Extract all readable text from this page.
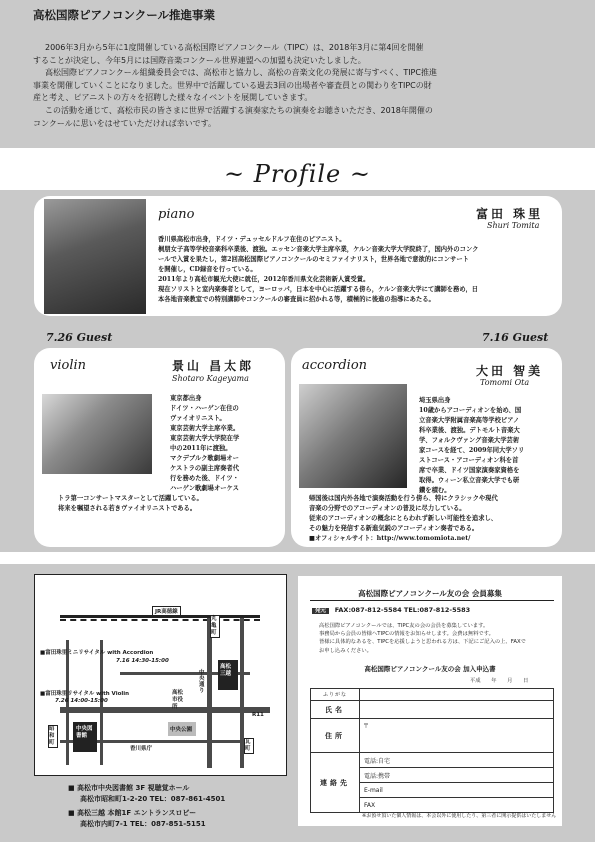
高松国際ピアノコンクール推進事業

2006年3月から5年に1度開催している高松国際ピアノコンクール（TIPC）は、2018年3月に第4回を開催

することが決定し、今年5月には国際音楽コンクール世界連盟への加盟も決定いたしました。

高松国際ピアノコンクール組織委員会では、高松市と協力し、高松の音楽文化の発展に寄与すべく、TIPC推進

事業を開催していくことになりました。世界中で活躍している過去3回の出場者や審査員との関わりをTIPCの財

産と考え、ピアニストの方々を招聘した様々なイベントを展開していきます。

この活動を通じて、高松市民の皆さまに世界で活躍する演奏家たちの演奏をお聴きいただき、2018年開催の

コンクールに思いをはせていただければ幸いです。

~ Profile ~
piano	富田 珠里
Shuri Tomita
香川県高松市出身，ドイツ・デュッセルドルフ在住のピアニスト。
桐朋女子高等学校音楽科卒業後、渡独。エッセン音楽大学主席卒業，ケルン音楽大学大学院終了，国内外のコンク
ールで入賞を果たし，第2回高松国際ピアノコンクールのセミファイナリスト，世界各地で意欲的にコンサート
を開催し，CD録音を行っている。
2011年より高松市観光大使に就任，2012年香川県文化芸術新人賞受賞。
現在ソリストと室内楽奏者として，ヨーロッパ，日本を中心に活躍する傍ら，ケルン音楽大学にて講師を務め，日
本各地音楽教室での特別講師やコンクールの審査員に招かれる等，積極的に後進の指導にあたる。
7.26 Guest	7.16 Guest
violin	景山 昌太郎
Shotaro Kageyama
東京都出身
ドイツ・ハーゲン在住の
ヴァイオリニスト。
東京芸術大学主席卒業。
東京芸術大学大学院在学
中の2011年に渡独。
マクデブルク歌劇場オー
ケストラの副主席奏者代
行を務めた後、ドイツ・
ハーゲン歌劇場オーケス
トラ第一コンサートマスターとして活躍している。
将来を嘱望される若きヴァイオリニストである。
accordion	大田 智美
Tomomi Ota
埼玉県出身
10歳からアコーディオンを始め、国
立音楽大学附属音楽高等学校ピアノ
科卒業後、渡独。デトモルト音楽大
学、フォルクヴァング音楽大学芸術
家コースを経て、2009年同大学ソリ
ストコース・アコーディオン科を首
席で卒業、ドイツ国家演奏家資格を
取得。ウィーン私立音楽大学でも研
鑽を積む。
帰国後は国内外各地で演奏活動を行う傍ら、特にクラシックや現代
音楽の分野でのアコーディオンの普及に尽力している。
従来のアコーディオンの概念にとらわれず新しい可能性を追求し、
その魅力を発信する新進気鋭のアコーディオン奏者である。
■オフィシャルサイト：http://www.tomomiota.net/
JR高徳線
■富田珠里ミニリサイタル with Accordion
7.16 14:30-15:00
■富田珠里リサイタル with Violin
7.26 14:00-15:00
中央図書館
高松三越
高松市役所
中央公園
香川県庁
R11
昭和町
丸亀町
中央通り
瓦町
■ 高松市中央図書館 3F 視聴覚ホール
高松市昭和町1-2-20 TEL：087-861-4501
■ 高松三越 本館1F エントランスロビー
高松市内町7-1 TEL：087-851-5151
高松国際ピアノコンクール友の会 会員募集
発元 FAX:087-812-5584 TEL:087-812-5583
高松国際ピアノコンクールでは、TIPC友の会の会員を募集しています。
事務局から会員の皆様へTIPCの情報をお知らせします。会費は無料です。
皆様に具体的なあるを、TIPCを応援しようと思われる方は、下記にご記入の上、FAXで
お申し込みください。
高松国際ピアノコンクール友の会 加入申込書
平成　　年　　月　　日
ふりがな	
氏名	
住所	〒
連絡先	電話:自宅
	電話:携帯
	E-mail
	FAX
※お預せ頂いた個人情報は、本会以外に使用したり、第三者に開示提供はいたしません
